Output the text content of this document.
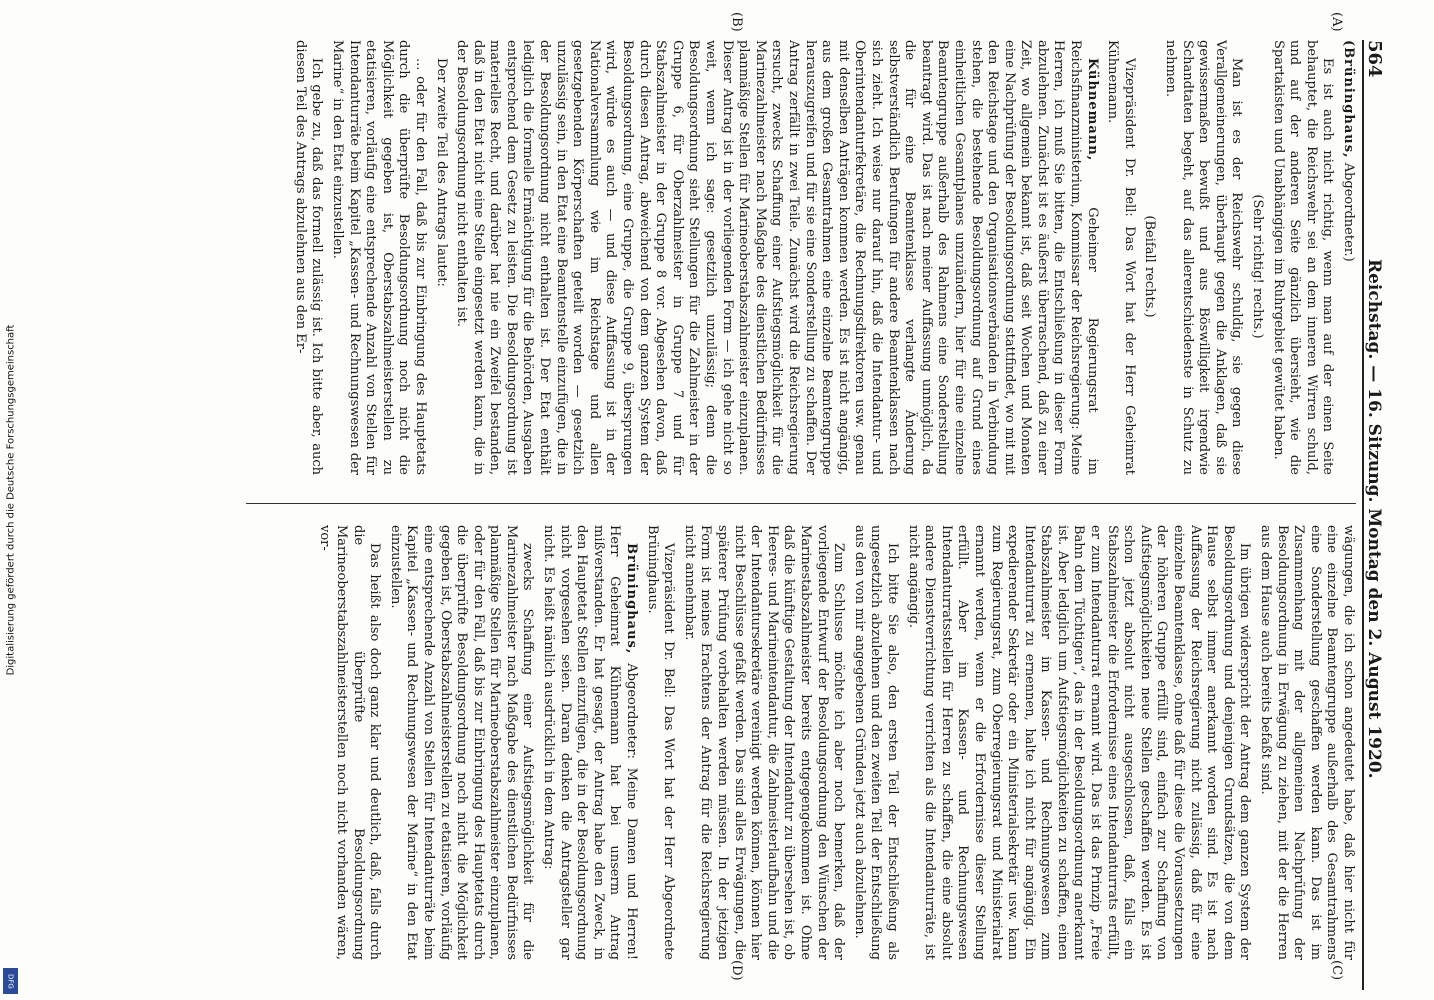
Digitalisierung gefördert durch die Deutsche Forschungsgemeinschaft
DFG
564
Reichstag. — 16. Sitzung. Montag den 2. August 1920.
(A)
(B)
(C)
(D)

(Brüninghaus, Abgeordneter.)

Es ist auch nicht richtig, wenn man auf der einen Seite behauptet, die Reichswehr sei an dem inneren Wirren schuld, und auf der anderen Seite gänzlich übersieht, wie die Spartakisten und Unabhängigen im Ruhrgebiet gewütet haben.

(Sehr richtig! rechts.)

Man ist es der Reichswehr schuldig, sie gegen diese Verallgemeinerungen, überhaupt gegen die Anklagen, daß sie gewissermaßen bewußt und aus Böswilligkeit irgendwie Schandtaten begeht, auf das allerentschiedenste in Schutz zu nehmen.

(Beifall rechts.)

Vizepräsident Dr. Bell: Das Wort hat der Herr Geheimrat Kühnemann.

Kühnemann, Geheimer Regierungsrat im Reichsfinanzministerium, Kommissar der Reichsregierung: Meine Herren, ich muß Sie bitten, die Entschließung in dieser Form abzulehnen. Zunächst ist es äußerst überraschend, daß zu einer Zeit, wo allgemein bekannt ist, daß seit Wochen und Monaten eine Nachprüfung der Besoldungsordnung stattfindet, wo mit mit den Reichstage und den Organisationsverbänden in Verbindung stehen, die bestehende Besoldungsordnung auf Grund eines einheitlichen Gesamtplanes umzuändern, hier für eine einzelne Beamtengruppe außerhalb des Rahmens eine Sonderstellung beantragt wird. Das ist nach meiner Auffassung unmöglich, da die für eine Beamtenklasse verlangte Änderung selbstverständlich Berufungen für andere Beamtenklassen nach sich zieht. Ich weise nur darauf hin, daß die Intendantur- und Oberintendanturfekretäre, die Rechnungsdirektoren usw. genau mit denselben Anträgen kommen werden. Es ist nicht angängig, aus dem großen Gesamtrahmen eine einzelne Beamtengruppe herauszugreifen und für sie eine Sonderstellung zu schaffen. Der Antrag zerfällt in zwei Teile. Zunächst wird die Reichsregierung ersucht, zwecks Schaffung einer Aufstiegsmöglichkeit für die Marinezahlmeister nach Maßgabe des dienstlichen Bedürfnisses planmäßige Stellen für Marineoberstabszahlmeister einzuplanen. Dieser Antrag ist in der vorliegenden Form — ich gehe nicht so weit, wenn ich sage: gesetzlich unzulässig; denn die Besoldungsordnung sieht Stellungen für die Zahlmeister in der Gruppe 6, für Oberzahlmeister in Gruppe 7 und für Stabszahlmeister in der Gruppe 8 vor. Abgesehen davon, daß durch diesen Antrag, abweichend von dem ganzen System der Besoldungsordnung, eine Gruppe, die Gruppe 9, übersprungen wird, würde es auch — und diese Auffassung ist in der Nationalversammlung wie im Reichstage und allen gesetzgebenden Körperschaften geteilt worden — gesetzlich unzulässig sein, in den Etat eine Beamtenstelle einzufügen, die in der Besoldungsordnung nicht enthalten ist. Der Etat enthält lediglich die formelle Ermächtigung für die Behörden, Ausgaben entsprechend dem Gesetz zu leisten. Die Besoldungsordnung ist materielles Recht, und darüber hat nie ein Zweifel bestanden, daß in den Etat nicht eine Stelle eingesetzt werden kann, die in der Besoldungsordnung nicht enthalten ist.

Der zweite Teil des Antrags lautet:

... oder für den Fall, daß bis zur Einbringung des Hauptetats durch die überprüfte Besoldungsordnung noch nicht die Möglichkeit gegeben ist, Oberstabszahlmeisterstellen zu etatisieren, vorläufig eine entsprechende Anzahl von Stellen für Intendanturräte beim Kapitel „Kassen- und Rechnungswesen der Marine“ in den Etat einzustellen.

Ich gebe zu, daß das formell zulässig ist. Ich bitte aber, auch diesen Teil des Antrags abzulehnen aus den Er-

wägungen, die ich schon angedeutet habe, daß hier nicht für eine einzelne Beamtengruppe außerhalb des Gesamtrahmens eine Sonderstellung geschaffen werden kann. Das ist im Zusammenhang mit der allgemeinen Nachprüfung der Besoldungsordnung in Erwägung zu ziehen, mit der die Herren aus dem Hause auch bereits befaßt sind.

Im übrigen widerspricht der Antrag dem ganzen System der Besoldungsordnung und denjenigen Grundsätzen, die von dem Hause selbst immer anerkannt worden sind. Es ist nach Auffassung der Reichsregierung nicht zulässig, daß für eine einzelne Beamtenklasse, ohne daß für diese die Voraussetzungen der höheren Gruppe erfüllt sind, einfach zur Schaffung von Aufstiegsmöglichkeiten neue Stellen geschaffen werden. Es ist schon jetzt absolut nicht ausgeschlossen, daß, falls ein Stabszahlmeister die Erfordernisse eines Intendanturrats erfüllt, er zum Intendanturrat ernannt wird. Das ist das Prinzip „Freie Bahn dem Tüchtigen“, das in der Besoldungsordnung anerkannt ist. Aber lediglich um Aufstiegsmöglichkeiten zu schaffen, einen Stabszahlmeister im Kassen- und Rechnungswesen zum Intendanturrat zu ernennen, halte ich nicht für angängig. Ein expedierender Sekretär oder ein Ministerialsekretär usw. kann zum Regierungsrat, zum Oberregierungsrat und Ministerialrat ernannt werden, wenn er die Erfordernisse dieser Stellung erfüllt. Aber im Kassen- und Rechnungswesen Intendanturratsstellen für Herren zu schaffen, die eine absolut andere Dienstverrichtung verrichten als die Intendanturräte, ist nicht angängig.

Ich bitte Sie also, den ersten Teil der Entschließung als ungesetzlich abzulehnen und den zweiten Teil der Entschließung aus den von mir angegebenen Gründen jetzt auch abzulehnen.

Zum Schlusse möchte ich aber noch bemerken, daß der vorliegende Entwurf der Besoldungsordnung den Wünschen der Marinestabszahlmeister bereits entgegengekommen ist. Ohne daß die künftige Gestaltung der Intendantur zu übersehen ist, ob Heeres- und Marineintendantur, die Zahlmeisterlaufbahn und die der Intendantursekretäre vereinigt werden können, können hier nicht Beschlüsse gefaßt werden. Das sind alles Erwägungen, die späterer Prüfung vorbehalten werden müssen. In der jetzigen Form ist meines Erachtens der Antrag für die Reichsregierung nicht annehmbar.

Vizepräsident Dr. Bell: Das Wort hat der Herr Abgeordnete Brüninghaus.

Brüninghaus, Abgeordneter: Meine Damen und Herren! Herr Geheimrat Kühnemann hat bei unserm Antrag mißverstanden. Er hat gesagt, der Antrag habe den Zweck, in den Hauptetat Stellen einzufügen, die in der Besoldungsordnung nicht vorgesehen seien. Daran denken die Antragsteller gar nicht. Es heißt nämlich ausdrücklich in dem Antrag:

zwecks Schaffung einer Aufstiegsmöglichkeit für die Marinezahlmeister nach Maßgabe des dienstlichen Bedürfnisses planmäßige Stellen für Marineoberstabszahlmeister einzuplanen, oder für den Fall, daß bis zur Einbringung des Hauptetats durch die überprüfte Besoldungsordnung noch nicht die Möglichkeit gegeben ist, Oberstabszahlmeisterstellen zu etatisieren, vorläufig eine entsprechende Anzahl von Stellen für Intendanturräte beim Kapitel „Kassen- und Rechnungswesen der Marine“ in den Etat einzustellen.

Das heißt also doch ganz klar und deutlich, daß, falls durch die überprüfte Besoldungsordnung Marineoberstabszahlmeisterstellen noch nicht vorhanden wären, vor-
